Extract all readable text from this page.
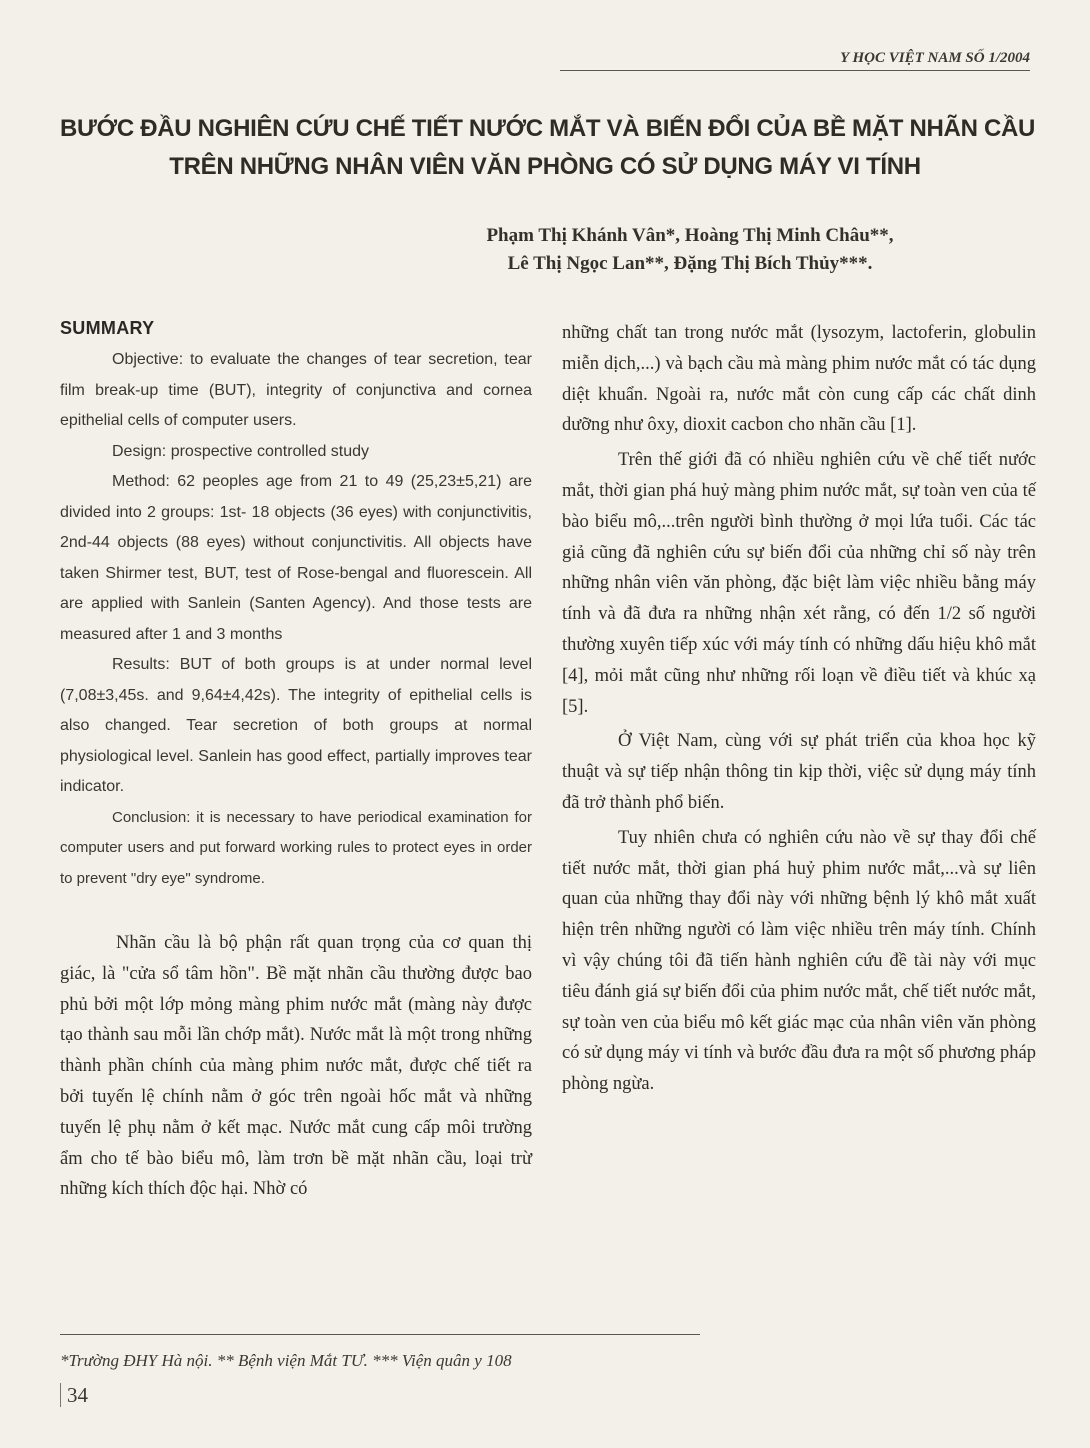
Y HỌC VIỆT NAM SỐ 1/2004
BƯỚC ĐẦU NGHIÊN CỨU CHẾ TIẾT NƯỚC MẮT VÀ BIẾN ĐỔI CỦA BỀ MẶT NHÃN CẦU
TRÊN NHỮNG NHÂN VIÊN VĂN PHÒNG CÓ SỬ DỤNG MÁY VI TÍNH
Phạm Thị Khánh Vân*, Hoàng Thị Minh Châu**,
Lê Thị Ngọc Lan**, Đặng Thị Bích Thủy***.
SUMMARY

Objective: to evaluate the changes of tear secretion, tear film break-up time (BUT), integrity of conjunctiva and cornea epithelial cells of computer users.

Design: prospective controlled study

Method: 62 peoples age from 21 to 49 (25,23±5,21) are divided into 2 groups: 1st- 18 objects (36 eyes) with conjunctivitis, 2nd-44 objects (88 eyes) without conjunctivitis. All objects have taken Shirmer test, BUT, test of Rose-bengal and fluorescein. All are applied with Sanlein (Santen Agency). And those tests are measured after 1 and 3 months

Results: BUT of both groups is at under normal level (7,08±3,45s. and 9,64±4,42s). The integrity of epithelial cells is also changed. Tear secretion of both groups at normal physiological level. Sanlein has good effect, partially improves tear indicator.

Conclusion: it is necessary to have periodical examination for computer users and put forward working rules to protect eyes in order to prevent "dry eye" syndrome.

Nhãn cầu là bộ phận rất quan trọng của cơ quan thị giác, là "cửa sổ tâm hồn". Bề mặt nhãn cầu thường được bao phủ bởi một lớp mỏng màng phim nước mắt (màng này được tạo thành sau mỗi lần chớp mắt). Nước mắt là một trong những thành phần chính của màng phim nước mắt, được chế tiết ra bởi tuyến lệ chính nằm ở góc trên ngoài hốc mắt và những tuyến lệ phụ nằm ở kết mạc. Nước mắt cung cấp môi trường ẩm cho tế bào biểu mô, làm trơn bề mặt nhãn cầu, loại trừ những kích thích độc hại. Nhờ có

những chất tan trong nước mắt (lysozym, lactoferin, globulin miễn dịch,...) và bạch cầu mà màng phim nước mắt có tác dụng diệt khuẩn. Ngoài ra, nước mắt còn cung cấp các chất dinh dưỡng như ôxy, dioxit cacbon cho nhãn cầu [1].

Trên thế giới đã có nhiều nghiên cứu về chế tiết nước mắt, thời gian phá huỷ màng phim nước mắt, sự toàn ven của tế bào biểu mô,...trên người bình thường ở mọi lứa tuổi. Các tác giả cũng đã nghiên cứu sự biến đổi của những chỉ số này trên những nhân viên văn phòng, đặc biệt làm việc nhiều bằng máy tính và đã đưa ra những nhận xét rằng, có đến 1/2 số người thường xuyên tiếp xúc với máy tính có những dấu hiệu khô mắt [4], mỏi mắt cũng như những rối loạn về điều tiết và khúc xạ [5].

Ở Việt Nam, cùng với sự phát triển của khoa học kỹ thuật và sự tiếp nhận thông tin kịp thời, việc sử dụng máy tính đã trở thành phổ biến.

Tuy nhiên chưa có nghiên cứu nào về sự thay đổi chế tiết nước mắt, thời gian phá huỷ phim nước mắt,...và sự liên quan của những thay đổi này với những bệnh lý khô mắt xuất hiện trên những người có làm việc nhiều trên máy tính. Chính vì vậy chúng tôi đã tiến hành nghiên cứu đề tài này với mục tiêu đánh giá sự biến đổi của phim nước mắt, chế tiết nước mắt, sự toàn ven của biểu mô kết giác mạc của nhân viên văn phòng có sử dụng máy vi tính và bước đầu đưa ra một số phương pháp phòng ngừa.

*Trường ĐHY Hà nội. ** Bệnh viện Mắt TƯ. *** Viện quân y 108
34
